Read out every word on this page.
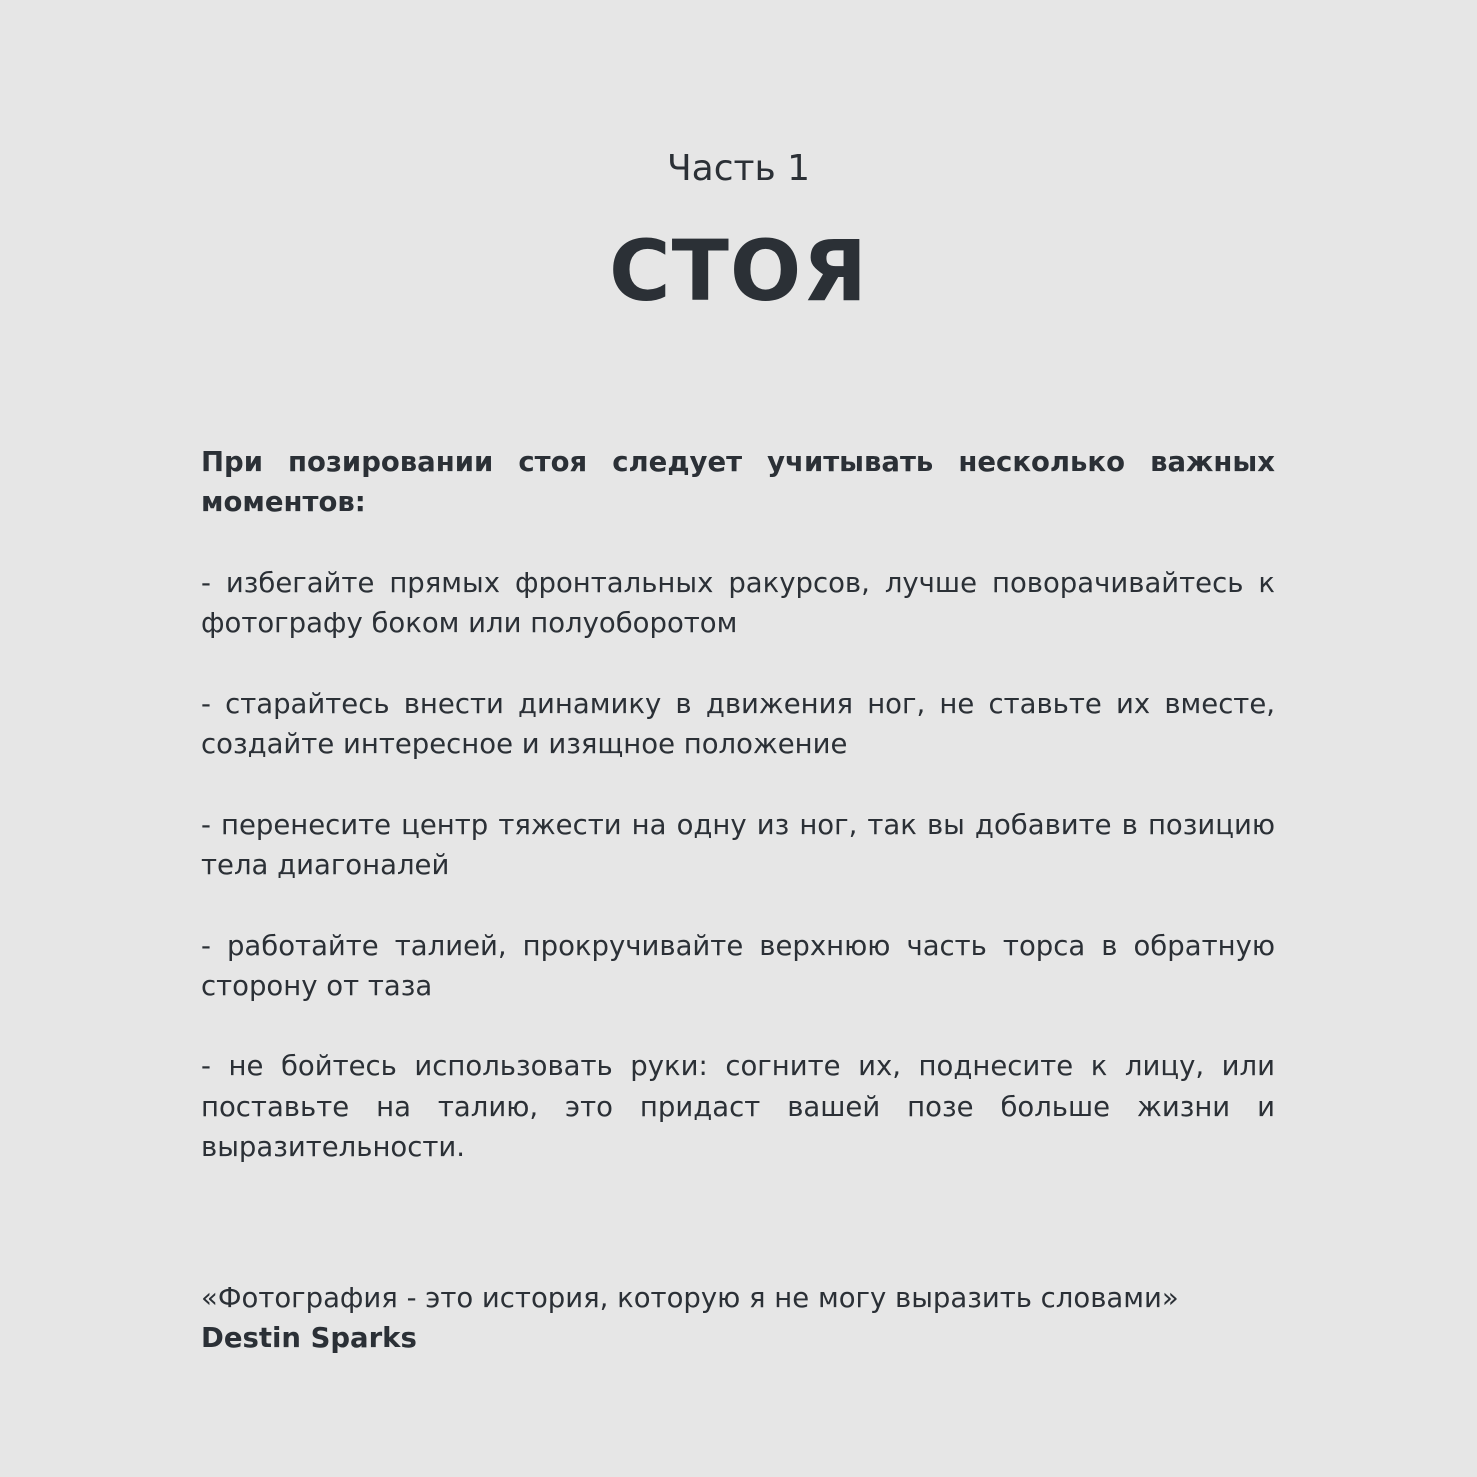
Часть 1
СТОЯ

При позировании стоя следует учитывать несколько важных моментов:

- избегайте прямых фронтальных ракурсов, лучше поворачивайтесь к фотографу боком или полуоборотом

- старайтесь внести динамику в движения ног, не ставьте их вместе, создайте интересное и изящное положение

- перенесите центр тяжести на одну из ног, так вы добавите в позицию тела диагоналей

- работайте талией, прокручивайте верхнюю часть торса в обратную сторону от таза

- не бойтесь использовать руки: согните их, поднесите к лицу, или поставьте на талию, это придаст вашей позе больше жизни и выразительности.

«Фотография - это история, которую я не могу выразить словами»
Destin Sparks
